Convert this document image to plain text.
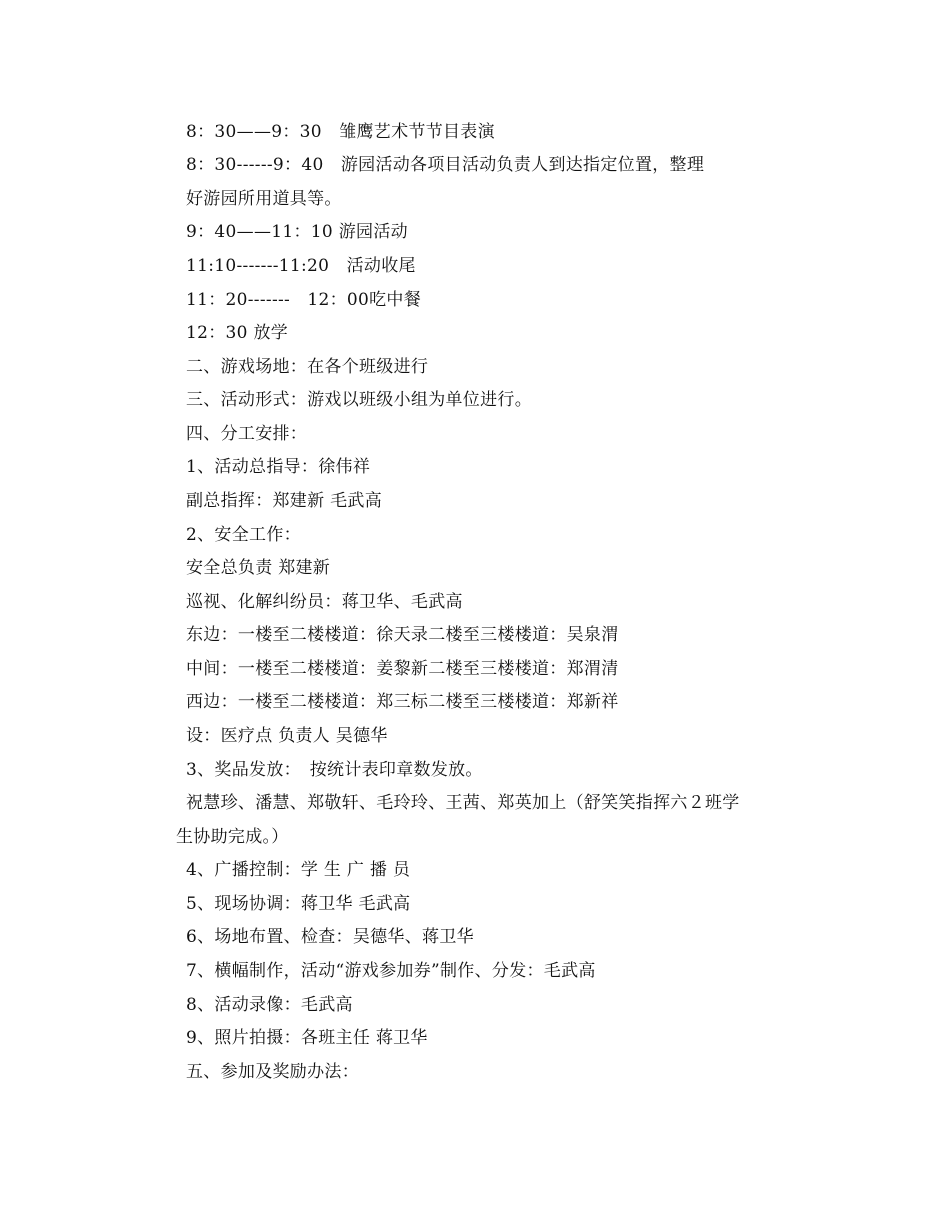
8：30——9：30　雏鹰艺术节节目表演
8：30------9：40　游园活动各项目活动负责人到达指定位置，整理
好游园所用道具等。
9：40——11：10 游园活动
11:10-------11:20　活动收尾
11：20-------　12：00吃中餐
12：30 放学
二、游戏场地：在各个班级进行
三、活动形式：游戏以班级小组为单位进行。
四、分工安排：
1、活动总指导：徐伟祥
副总指挥：郑建新 毛武高
2、安全工作：
安全总负责 郑建新
巡视、化解纠纷员：蒋卫华、毛武高
东边：一楼至二楼楼道：徐天录二楼至三楼楼道：吴泉渭
中间：一楼至二楼楼道：姜黎新二楼至三楼楼道：郑渭清
西边：一楼至二楼楼道：郑三标二楼至三楼楼道：郑新祥
设：医疗点 负责人 吴德华
3、奖品发放：　按统计表印章数发放。
祝慧珍、潘慧、郑敬轩、毛玲玲、王茜、郑英加上（舒笑笑指挥六２班学
生协助完成。）
4、广播控制：学 生 广 播 员
5、现场协调：蒋卫华 毛武高
6、场地布置、检查：吴德华、蒋卫华
7、横幅制作，活动“游戏参加券”制作、分发：毛武高
8、活动录像：毛武高
9、照片拍摄：各班主任 蒋卫华
五、参加及奖励办法：
